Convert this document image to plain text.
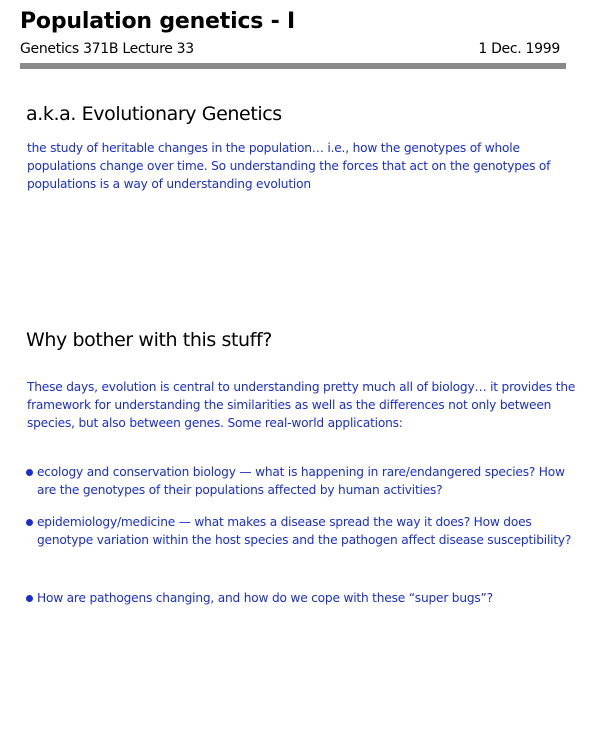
Population genetics - I
Genetics 371B Lecture 33	1 Dec. 1999
a.k.a. Evolutionary Genetics
the study of heritable changes in the population… i.e., how the genotypes of whole populations change over time. So understanding the forces that act on the genotypes of populations is a way of understanding evolution
Why bother with this stuff?
These days, evolution is central to understanding pretty much all of biology… it provides the framework for understanding the similarities as well as the differences not only between species, but also between genes. Some real-world applications:
ecology and conservation biology — what is happening in rare/endangered species? How are the genotypes of their populations affected by human activities?
epidemiology/medicine — what makes a disease spread the way it does? How does genotype variation within the host species and the pathogen affect disease susceptibility?
How are pathogens changing, and how do we cope with these “super bugs”?
